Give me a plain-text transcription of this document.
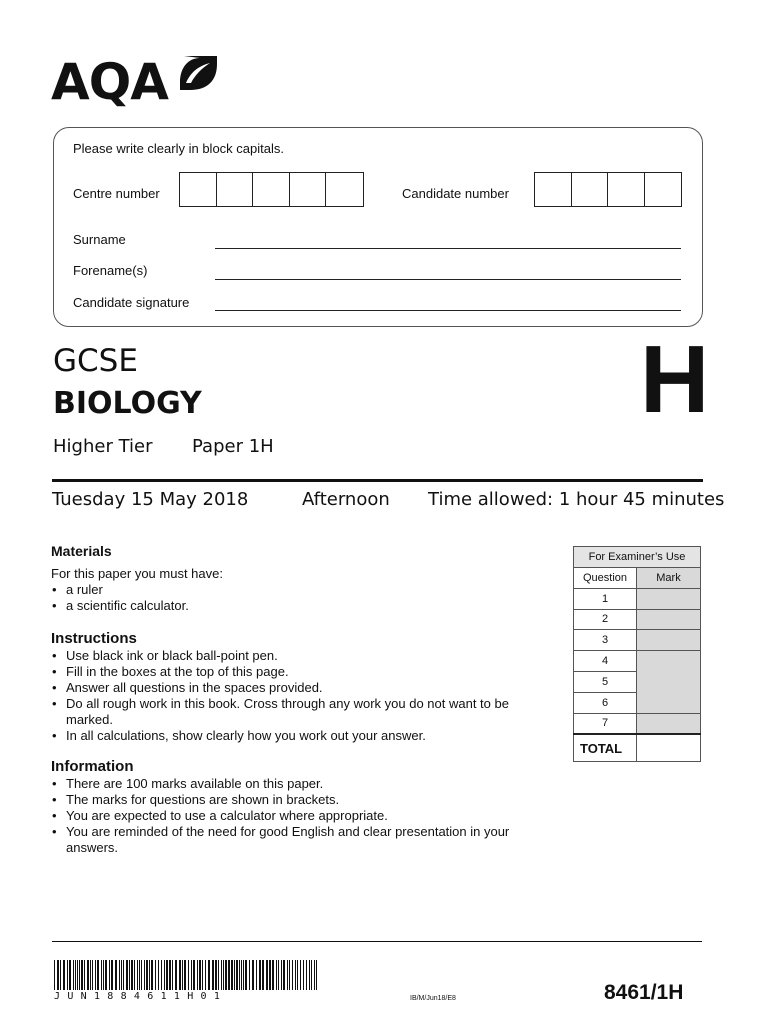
AQA
Please write clearly in block capitals.
Centre number	Candidate number
Surname
Forename(s)
Candidate signature
GCSE
BIOLOGY
Higher Tier Paper 1H
H
Tuesday 15 May 2018	Afternoon Time allowed: 1 hour 45 minutes
Materials
For this paper you must have:
• a ruler
• a scientific calculator.
Instructions
• Use black ink or black ball-point pen.
• Fill in the boxes at the top of this page.
• Answer all questions in the spaces provided.
• Do all rough work in this book. Cross through any work you do not want to be marked.
• In all calculations, show clearly how you work out your answer.
Information
• There are 100 marks available on this paper.
• The marks for questions are shown in brackets.
• You are expected to use a calculator where appropriate.
• You are reminded of the need for good English and clear presentation in your answers.
For Examiner’s Use	
Question	Mark
1	
2	
3	
4	
5	
6	
7	
TOTAL	
JUN1884611H01	IB/M/Jun18/E8	8461/1H
